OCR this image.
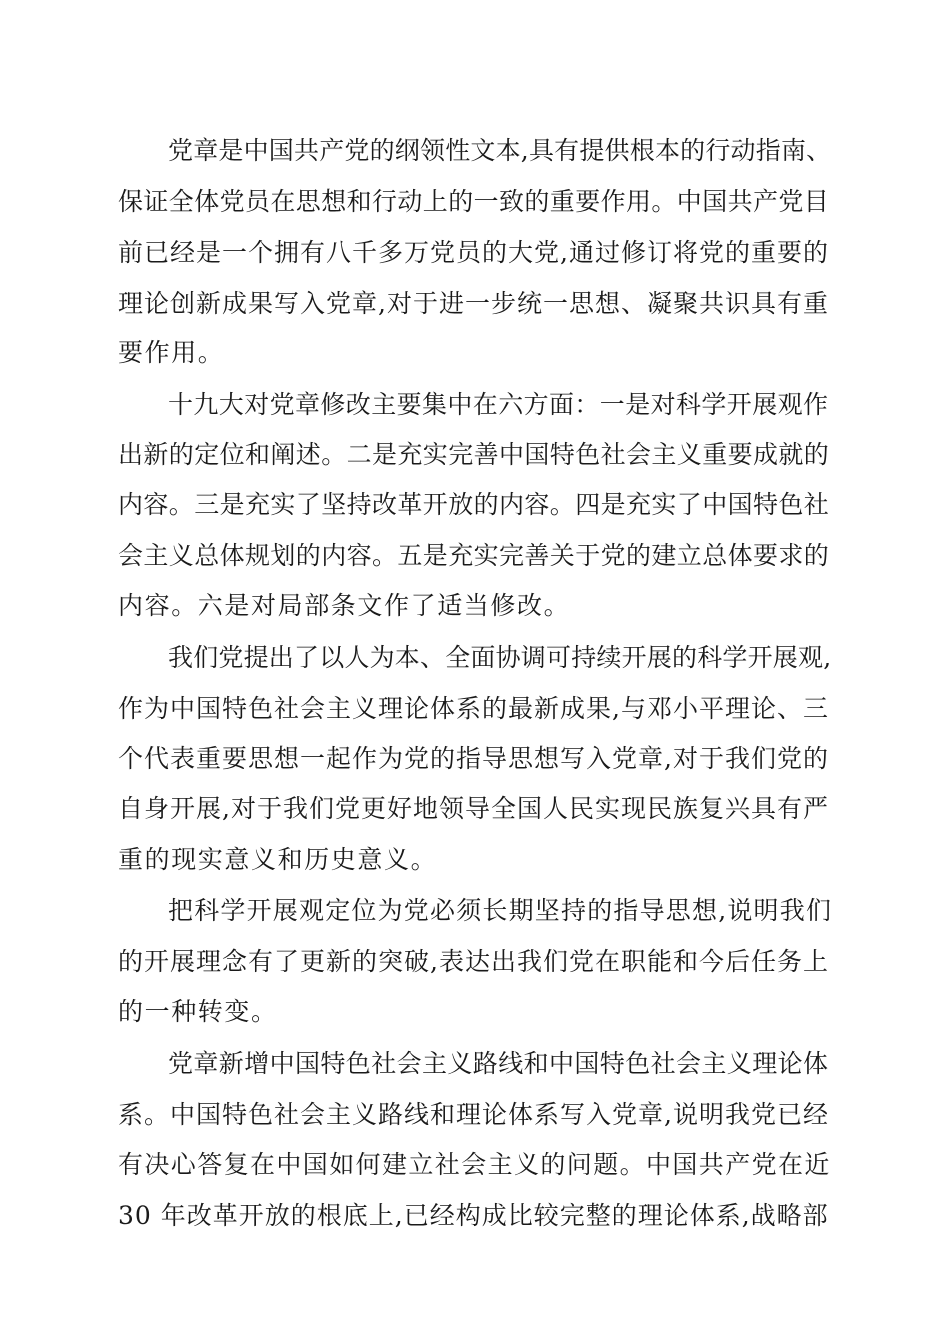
党章是中国共产党的纲领性文本,具有提供根本的行动指南、
保证全体党员在思想和行动上的一致的重要作用。中国共产党目
前已经是一个拥有八千多万党员的大党,通过修订将党的重要的
理论创新成果写入党章,对于进一步统一思想、凝聚共识具有重
要作用。
十九大对党章修改主要集中在六方面：一是对科学开展观作
出新的定位和阐述。二是充实完善中国特色社会主义重要成就的
内容。三是充实了坚持改革开放的内容。四是充实了中国特色社
会主义总体规划的内容。五是充实完善关于党的建立总体要求的
内容。六是对局部条文作了适当修改。
我们党提出了以人为本、全面协调可持续开展的科学开展观,
作为中国特色社会主义理论体系的最新成果,与邓小平理论、三
个代表重要思想一起作为党的指导思想写入党章,对于我们党的
自身开展,对于我们党更好地领导全国人民实现民族复兴具有严
重的现实意义和历史意义。
把科学开展观定位为党必须长期坚持的指导思想,说明我们
的开展理念有了更新的突破,表达出我们党在职能和今后任务上
的一种转变。
党章新增中国特色社会主义路线和中国特色社会主义理论体
系。中国特色社会主义路线和理论体系写入党章,说明我党已经
有决心答复在中国如何建立社会主义的问题。中国共产党在近
30 年改革开放的根底上,已经构成比较完整的理论体系,战略部
